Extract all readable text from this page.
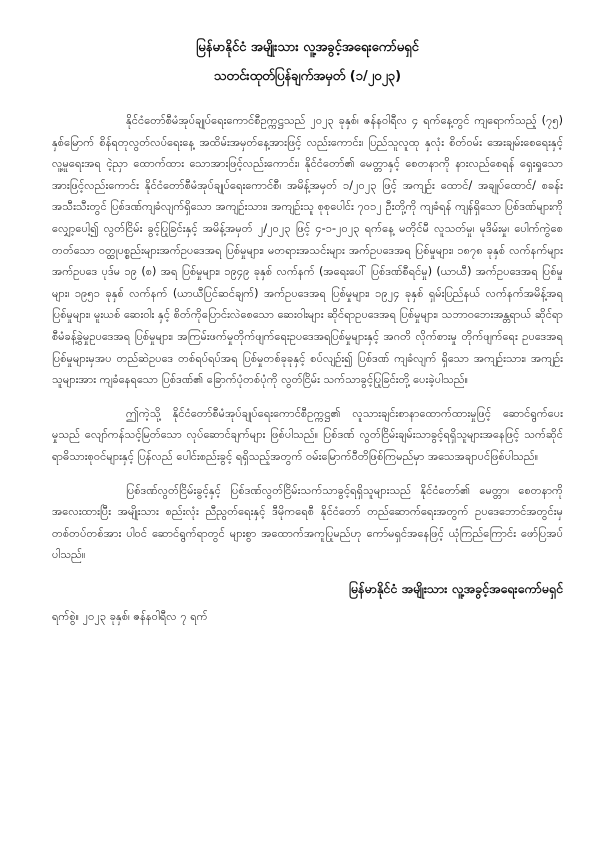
မြန်မာနိုင်ငံ အမျိုးသား လူ့အခွင့်အရေးကော်မရှင်

သတင်းထုတ်ပြန်ချက်အမှတ် (၁/၂၀၂၃)

နိုင်ငံတော်စီမံအုပ်ချုပ်ရေးကောင်စီဥက္ကဋ္ဌသည် ၂၀၂၃ ခုနှစ်၊ ဇန်နဝါရီလ ၄ ရက်နေ့တွင် ကျရောက်သည့် (၇၅) နှစ်မြောက် စိန်ရတုလွတ်လပ်ရေးနေ့ အထိမ်းအမှတ်နေ့အားဖြင့် လည်းကောင်း၊ ပြည်သူလူထု နှလုံး စိတ်ဝမ်း အေးချမ်းစေရေးနှင့် လူ့မှုရေးအရ ငဲ့ညှာ ထောက်ထား သောအားဖြင့်လည်းကောင်း၊ နိုင်ငံတော်၏ မေတ္တာနှင့် စေတနာကို နားလည်စေရန် ရှေးရှုသော အားဖြင့်လည်းကောင်း နိုင်ငံတော်စီမံအုပ်ချုပ်ရေးကောင်စီ၊ အမိန့်အမှတ် ၁/၂၀၂၃ ဖြင့် အကျဉ်း ထောင်/ အချုပ်ထောင်/ စခန်း အသီးသီးတွင် ပြစ်ဒဏ်ကျခံလျက်ရှိသော အကျဉ်းသား၊ အကျဉ်းသူ စုစုပေါင်း ၇၀၁၂ ဦးတို့ကို ကျခံရန် ကျန်ရှိသော ပြစ်ဒဏ်များကို လျှော့ပေါ့၍ လွတ်ငြိမ်း ခွင့်ပြုခြင်းနှင့် အမိန့်အမှတ် ၂/၂၀၂၃ ဖြင့် ၄-၁-၂၀၂၃ ရက်နေ့ မတိုင်မီ လူသတ်မှု၊ မုဒိမ်းမှု၊ ပေါက်ကွဲစေတတ်သော ဝတ္ထုပစ္စည်းများအက်ဥပဒေအရ ပြစ်မှုများ၊ မတရားအသင်းများ အက်ဥပဒေအရ ပြစ်မှုများ၊ ၁၈၇၈ ခုနှစ် လက်နက်များအက်ဥပဒေ ပုဒ်မ ၁၉ (စ) အရ ပြစ်မှုများ၊ ၁၉၄၉ ခုနှစ် လက်နက် (အရေးပေါ် ပြစ်ဒဏ်စီရင်မှု) (ယာယီ) အက်ဥပဒေအရ ပြစ်မှုများ၊ ၁၉၅၁ ခုနှစ် လက်နက် (ယာယီပြင်ဆင်ချက်) အက်ဥပဒေအရ ပြစ်မှုများ၊ ၁၉၂၄ ခုနှစ် ရှမ်းပြည်နယ် လက်နက်အမိန့်အရ ပြစ်မှုများ၊ မူးယစ် ဆေးဝါး နှင့် စိတ်ကိုပြောင်းလဲစေသော ဆေးဝါးများ ဆိုင်ရာဥပဒေအရ ပြစ်မှုများ၊ သဘာဝဘေးအန္တရာယ် ဆိုင်ရာစီမံခန့်ခွဲမှုဥပဒေအရ ပြစ်မှုများ၊ အကြမ်းဖက်မှုတိုက်ဖျက်ရေးဥပဒေအရပြစ်မှုများနှင့် အဂတိ လိုက်စားမှု တိုက်ဖျက်ရေး ဥပဒေအရ ပြစ်မှုများမှအပ တည်ဆဲဥပဒေ တစ်ရပ်ရပ်အရ ပြစ်မှုတစ်ခုခုနှင့် စပ်လျဉ်း၍ ပြစ်ဒဏ် ကျခံလျက် ရှိသော အကျဉ်းသား၊ အကျဉ်းသူများအား ကျခံနေရသော ပြစ်ဒဏ်၏ ခြောက်ပုံတစ်ပုံကို လွတ်ငြိမ်း သက်သာခွင့်ပြုခြင်းတို့ ပေးခဲ့ပါသည်။

ဤကဲ့သို့ နိုင်ငံတော်စီမံအုပ်ချုပ်ရေးကောင်စီဥက္ကဋ္ဌ၏ လူသားချင်းစာနာထောက်ထားမှုဖြင့် ဆောင်ရွက်ပေးမှုသည် လျော်ကန်သင့်မြတ်သော လုပ်ဆောင်ချက်များ ဖြစ်ပါသည်။ ပြစ်ဒဏ် လွတ်ငြိမ်းချမ်းသာခွင့်ရရှိသူများအနေဖြင့် သက်ဆိုင်ရာဓိသားစုဝင်များနှင့် ပြန်လည် ပေါင်းစည်းခွင့် ရရှိသည့်အတွက် ဝမ်းမြောက်ဝီတိဖြစ်ကြမည်မှာ အသေအချာပင်ဖြစ်ပါသည်။

ပြစ်ဒဏ်လွတ်ငြိမ်းခွင့်နှင့် ပြစ်ဒဏ်လွတ်ငြိမ်းသက်သာခွင့်ရရှိသူများသည် နိုင်ငံတော်၏ မေတ္တာ၊ စေတနာကို အလေးထားပြီး အမျိုးသား စည်းလုံး ညီညွတ်ရေးနှင့် ဒီမိုကရေစီ နိုင်ငံတော် တည်ဆောက်ရေးအတွက် ဥပဒေဘောင်အတွင်းမှ တစ်တပ်တစ်အား ပါဝင် ဆောင်ရွက်ရာတွင် များစွာ အထောက်အကူပြုမည်ဟု ကော်မရှင်အနေဖြင့် ယုံကြည်ကြောင်း ဖော်ပြအပ်ပါသည်။

မြန်မာနိုင်ငံ အမျိုးသား လူ့အခွင့်အရေးကော်မရှင်

ရက်စွဲ။ ၂၀၂၃ ခုနှစ်၊ ဇန်နဝါရီလ ၇ ရက်
